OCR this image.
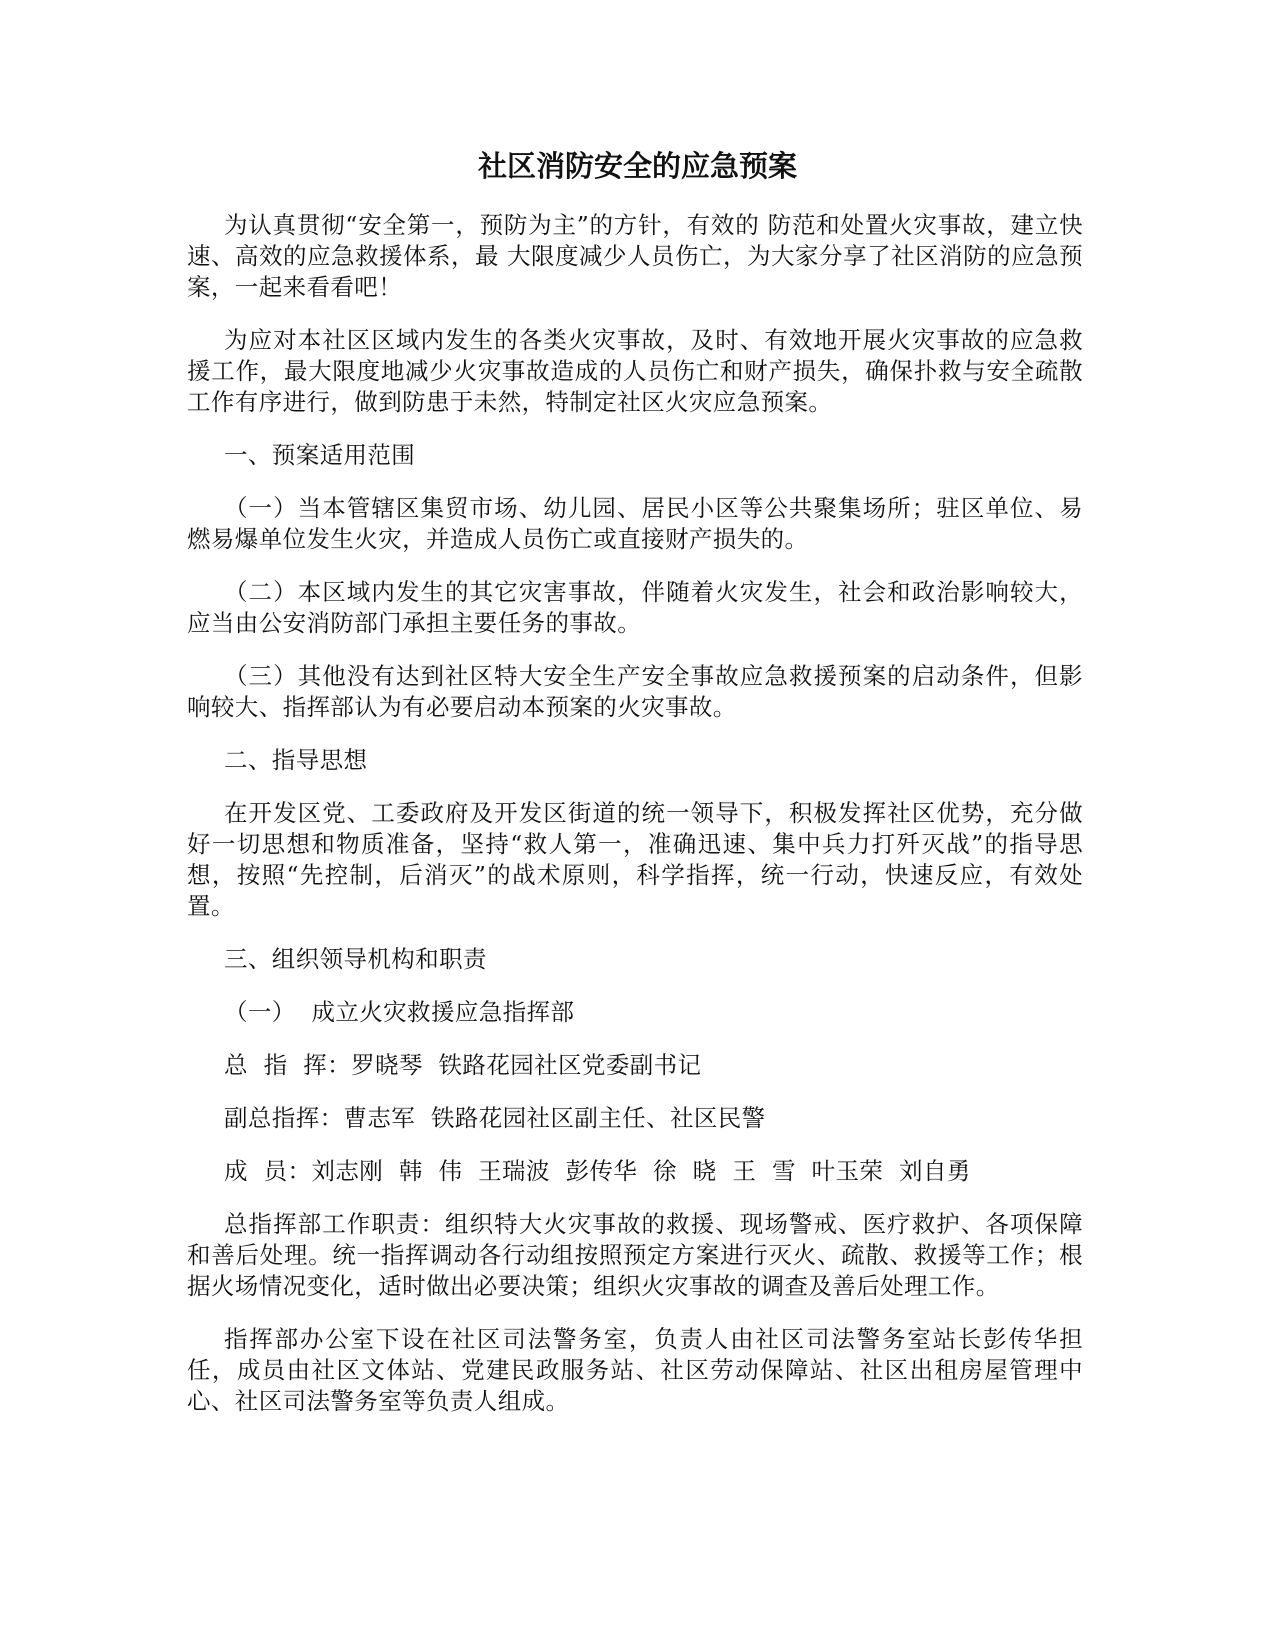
社区消防安全的应急预案

为认真贯彻“安全第一，预防为主”的方针，有效的 防范和处置火灾事故，建立快速、高效的应急救援体系，最 大限度减少人员伤亡，为大家分享了社区消防的应急预案，一起来看看吧！

为应对本社区区域内发生的各类火灾事故，及时、有效地开展火灾事故的应急救援工作，最大限度地减少火灾事故造成的人员伤亡和财产损失，确保扑救与安全疏散工作有序进行，做到防患于未然，特制定社区火灾应急预案。

一、预案适用范围

（一）当本管辖区集贸市场、幼儿园、居民小区等公共聚集场所；驻区单位、易燃易爆单位发生火灾，并造成人员伤亡或直接财产损失的。

（二）本区域内发生的其它灾害事故，伴随着火灾发生，社会和政治影响较大，应当由公安消防部门承担主要任务的事故。

（三）其他没有达到社区特大安全生产安全事故应急救援预案的启动条件，但影响较大、指挥部认为有必要启动本预案的火灾事故。

二、指导思想

在开发区党、工委政府及开发区街道的统一领导下，积极发挥社区优势，充分做好一切思想和物质准备，坚持“救人第一，准确迅速、集中兵力打歼灭战”的指导思想，按照“先控制，后消灭”的战术原则，科学指挥，统一行动，快速反应，有效处置。

三、组织领导机构和职责

（一）  成立火灾救援应急指挥部

总  指  挥：罗晓琴  铁路花园社区党委副书记

副总指挥：曹志军  铁路花园社区副主任、社区民警

成  员：刘志刚  韩  伟  王瑞波  彭传华  徐  晓  王  雪  叶玉荣  刘自勇

总指挥部工作职责：组织特大火灾事故的救援、现场警戒、医疗救护、各项保障和善后处理。统一指挥调动各行动组按照预定方案进行灭火、疏散、救援等工作；根据火场情况变化，适时做出必要决策；组织火灾事故的调查及善后处理工作。

指挥部办公室下设在社区司法警务室，负责人由社区司法警务室站长彭传华担任，成员由社区文体站、党建民政服务站、社区劳动保障站、社区出租房屋管理中心、社区司法警务室等负责人组成。
